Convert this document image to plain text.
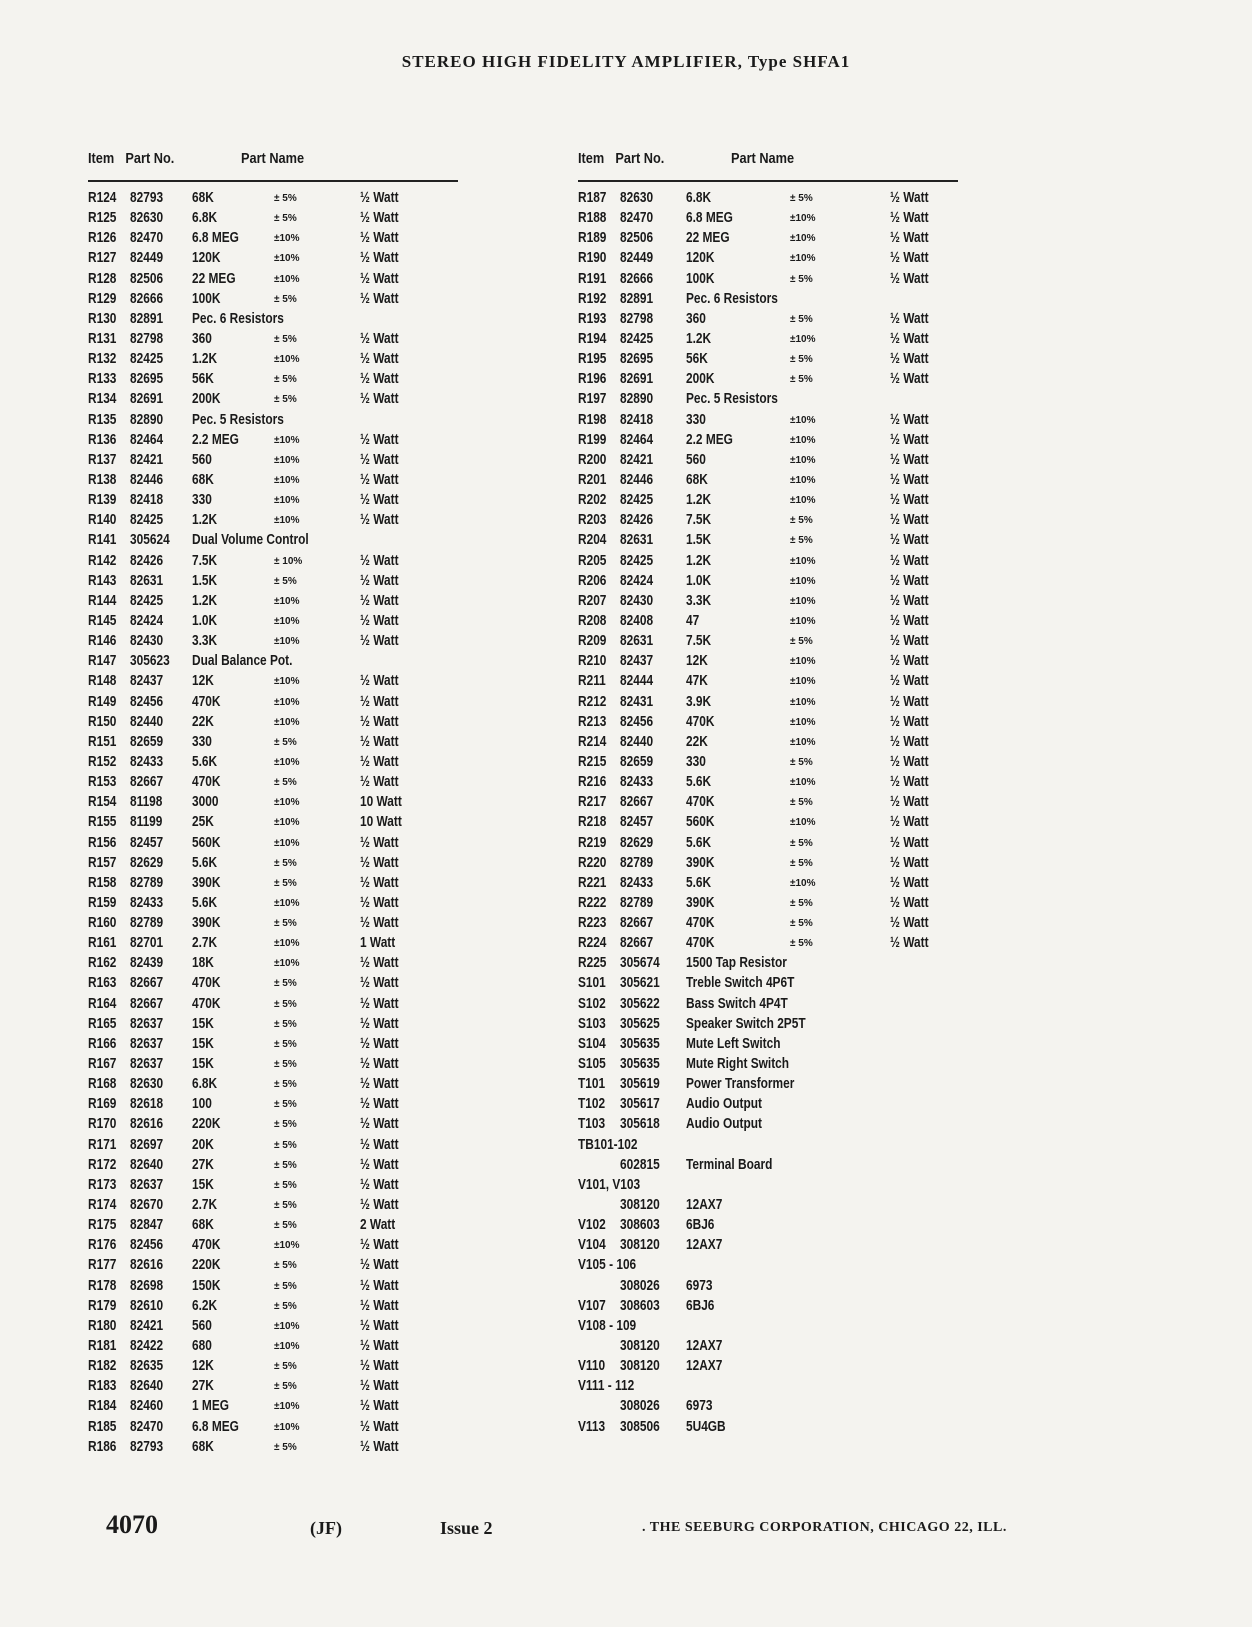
STEREO HIGH FIDELITY AMPLIFIER, Type SHFA1
Item Part No.	Part Name
R124 82793 68K	± 5%	½ Watt
R125 82630 6.8K	± 5%	½ Watt
R126 82470 6.8 MEG	±10%	½ Watt
R127 82449 120K	±10%	½ Watt
R128 82506 22 MEG	±10%	½ Watt
R129 82666 100K	± 5%	½ Watt
R130 82891 Pec. 6 Resistors
R131 82798 360	± 5%	½ Watt
R132 82425 1.2K	±10%	½ Watt
R133 82695 56K	± 5%	½ Watt
R134 82691 200K	± 5%	½ Watt
R135 82890 Pec. 5 Resistors
R136 82464 2.2 MEG	±10%	½ Watt
R137 82421 560	±10%	½ Watt
R138 82446 68K	±10%	½ Watt
R139 82418 330	±10%	½ Watt
R140 82425 1.2K	±10%	½ Watt
R141 305624 Dual Volume Control
R142 82426 7.5K	± 10%	½ Watt
R143 82631 1.5K	± 5%	½ Watt
R144 82425 1.2K	±10%	½ Watt
R145 82424 1.0K	±10%	½ Watt
R146 82430 3.3K	±10%	½ Watt
R147 305623 Dual Balance Pot.
R148 82437 12K	±10%	½ Watt
R149 82456 470K	±10%	½ Watt
R150 82440 22K	±10%	½ Watt
R151 82659 330	± 5%	½ Watt
R152 82433 5.6K	±10%	½ Watt
R153 82667 470K	± 5%	½ Watt
R154 81198 3000	±10%	10 Watt
R155 81199 25K	±10%	10 Watt
R156 82457 560K	±10%	½ Watt
R157 82629 5.6K	± 5%	½ Watt
R158 82789 390K	± 5%	½ Watt
R159 82433 5.6K	±10%	½ Watt
R160 82789 390K	± 5%	½ Watt
R161 82701 2.7K	±10%	1 Watt
R162 82439 18K	±10%	½ Watt
R163 82667 470K	± 5%	½ Watt
R164 82667 470K	± 5%	½ Watt
R165 82637 15K	± 5%	½ Watt
R166 82637 15K	± 5%	½ Watt
R167 82637 15K	± 5%	½ Watt
R168 82630 6.8K	± 5%	½ Watt
R169 82618 100	± 5%	½ Watt
R170 82616 220K	± 5%	½ Watt
R171 82697 20K	± 5%	½ Watt
R172 82640 27K	± 5%	½ Watt
R173 82637 15K	± 5%	½ Watt
R174 82670 2.7K	± 5%	½ Watt
R175 82847 68K	± 5%	2 Watt
R176 82456 470K	±10%	½ Watt
R177 82616 220K	± 5%	½ Watt
R178 82698 150K	± 5%	½ Watt
R179 82610 6.2K	± 5%	½ Watt
R180 82421 560	±10%	½ Watt
R181 82422 680	±10%	½ Watt
R182 82635 12K	± 5%	½ Watt
R183 82640 27K	± 5%	½ Watt
R184 82460 1 MEG	±10%	½ Watt
R185 82470 6.8 MEG	±10%	½ Watt
R186 82793 68K	± 5%	½ Watt
Item Part No.	Part Name
R187 82630 6.8K	± 5%	½ Watt
R188 82470 6.8 MEG	±10%	½ Watt
R189 82506 22 MEG	±10%	½ Watt
R190 82449 120K	±10%	½ Watt
R191 82666 100K	± 5%	½ Watt
R192 82891 Pec. 6 Resistors
R193 82798 360	± 5%	½ Watt
R194 82425 1.2K	±10%	½ Watt
R195 82695 56K	± 5%	½ Watt
R196 82691 200K	± 5%	½ Watt
R197 82890 Pec. 5 Resistors
R198 82418 330	±10%	½ Watt
R199 82464 2.2 MEG	±10%	½ Watt
R200 82421 560	±10%	½ Watt
R201 82446 68K	±10%	½ Watt
R202 82425 1.2K	±10%	½ Watt
R203 82426 7.5K	± 5%	½ Watt
R204 82631 1.5K	± 5%	½ Watt
R205 82425 1.2K	±10%	½ Watt
R206 82424 1.0K	±10%	½ Watt
R207 82430 3.3K	±10%	½ Watt
R208 82408 47	±10%	½ Watt
R209 82631 7.5K	± 5%	½ Watt
R210 82437 12K	±10%	½ Watt
R211 82444 47K	±10%	½ Watt
R212 82431 3.9K	±10%	½ Watt
R213 82456 470K	±10%	½ Watt
R214 82440 22K	±10%	½ Watt
R215 82659 330	± 5%	½ Watt
R216 82433 5.6K	±10%	½ Watt
R217 82667 470K	± 5%	½ Watt
R218 82457 560K	±10%	½ Watt
R219 82629 5.6K	± 5%	½ Watt
R220 82789 390K	± 5%	½ Watt
R221 82433 5.6K	±10%	½ Watt
R222 82789 390K	± 5%	½ Watt
R223 82667 470K	± 5%	½ Watt
R224 82667 470K	± 5%	½ Watt
R225 305674 1500 Tap Resistor
S101 305621 Treble Switch 4P6T
S102 305622 Bass Switch 4P4T
S103 305625 Speaker Switch 2P5T
S104 305635 Mute Left Switch
S105 305635 Mute Right Switch
T101 305619 Power Transformer
T102 305617 Audio Output
T103 305618 Audio Output
TB101-102
602815 Terminal Board
V101, V103
308120 12AX7
V102 308603 6BJ6
V104 308120 12AX7
V105 - 106
308026 6973
V107 308603 6BJ6
V108 - 109
308120 12AX7
V110 308120 12AX7
V111 - 112
308026 6973
V113 308506 5U4GB
4070	(JF)	Issue 2	. THE SEEBURG CORPORATION, CHICAGO 22, ILL.
